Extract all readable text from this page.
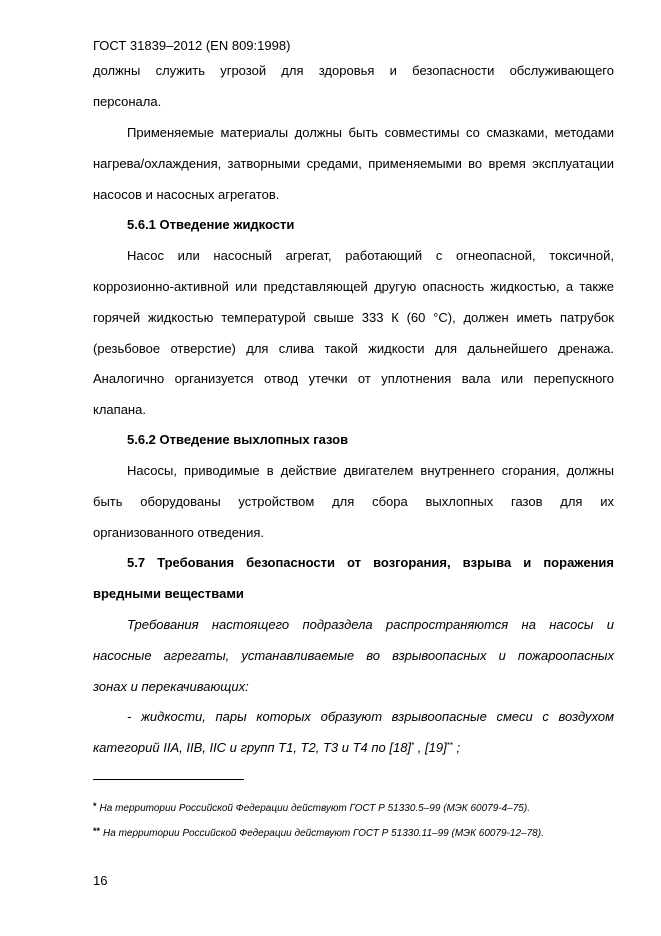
ГОСТ 31839–2012 (EN 809:1998)
должны служить угрозой для здоровья и безопасности обслуживающего
персонала.
Применяемые материалы должны быть совместимы со смазками, методами
нагрева/охлаждения, затворными средами, применяемыми во время эксплуатации
насосов и насосных агрегатов.
5.6.1 Отведение жидкости
Насос или насосный агрегат, работающий с огнеопасной, токсичной,
коррозионно-активной или представляющей другую опасность жидкостью, а также
горячей жидкостью температурой свыше 333 К (60 °С), должен иметь патрубок
(резьбовое отверстие) для слива такой жидкости для дальнейшего дренажа.
Аналогично организуется отвод утечки от уплотнения вала или перепускного
клапана.
5.6.2 Отведение выхлопных газов
Насосы, приводимые в действие двигателем внутреннего сгорания, должны
быть оборудованы устройством для сбора выхлопных газов для их
организованного отведения.
5.7 Требования безопасности от возгорания, взрыва и поражения
вредными веществами
Требования настоящего подраздела распространяются на насосы и
насосные агрегаты, устанавливаемые во взрывоопасных и пожароопасных
зонах и перекачивающих:
- жидкости, пары которых образуют взрывоопасные смеси с воздухом
категорий IIА, IIВ, IIС и групп Т1, Т2, Т3 и Т4 по [18]* , [19]** ;
* На территории Российской Федерации действуют ГОСТ Р 51330.5–99 (МЭК 60079-4–75).
** На территории Российской Федерации действуют ГОСТ Р 51330.11–99 (МЭК 60079-12–78).
16
